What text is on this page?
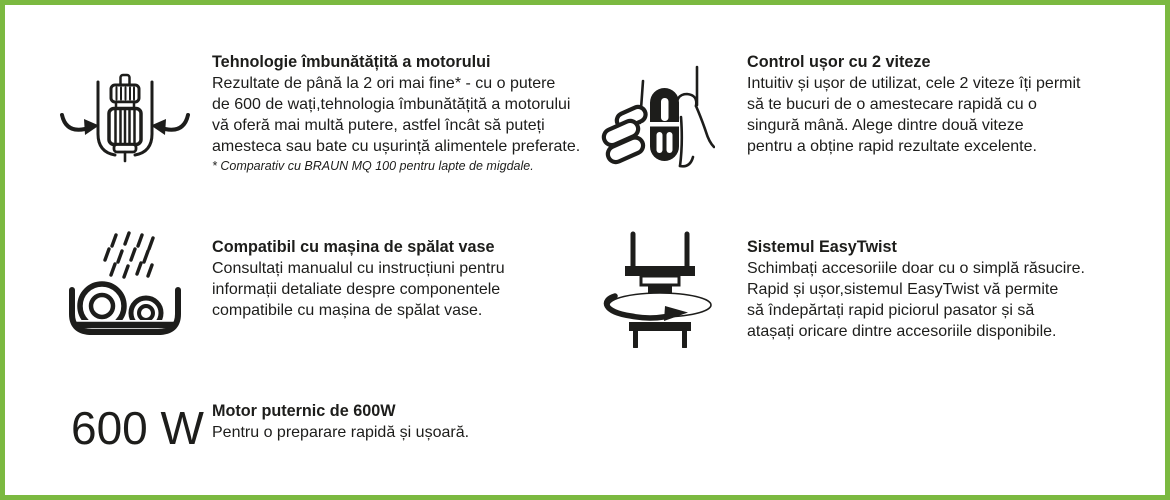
Tehnologie îmbunătățită a motorului
Rezultate de până la 2 ori mai fine* - cu o putere
de 600 de wați,tehnologia îmbunătățită a motorului
vă oferă mai multă putere, astfel încât să puteți
amesteca sau bate cu ușurință alimentele preferate.
* Comparativ cu BRAUN MQ 100 pentru lapte de migdale.
Control ușor cu 2 viteze
Intuitiv și ușor de utilizat, cele 2 viteze îți permit
să te bucuri de o amestecare rapidă cu o
singură mână. Alege dintre două viteze
pentru a obține rapid rezultate excelente.
Compatibil cu mașina de spălat vase
Consultați manualul cu instrucțiuni pentru
informații detaliate despre componentele
compatibile cu mașina de spălat vase.
Sistemul EasyTwist
Schimbați accesoriile doar cu o simplă răsucire.
Rapid și ușor,sistemul EasyTwist vă permite
să îndepărtați rapid piciorul pasator și să
atașați oricare dintre accesoriile disponibile.
600 W Motor puternic de 600W
Pentru o preparare rapidă și ușoară.
